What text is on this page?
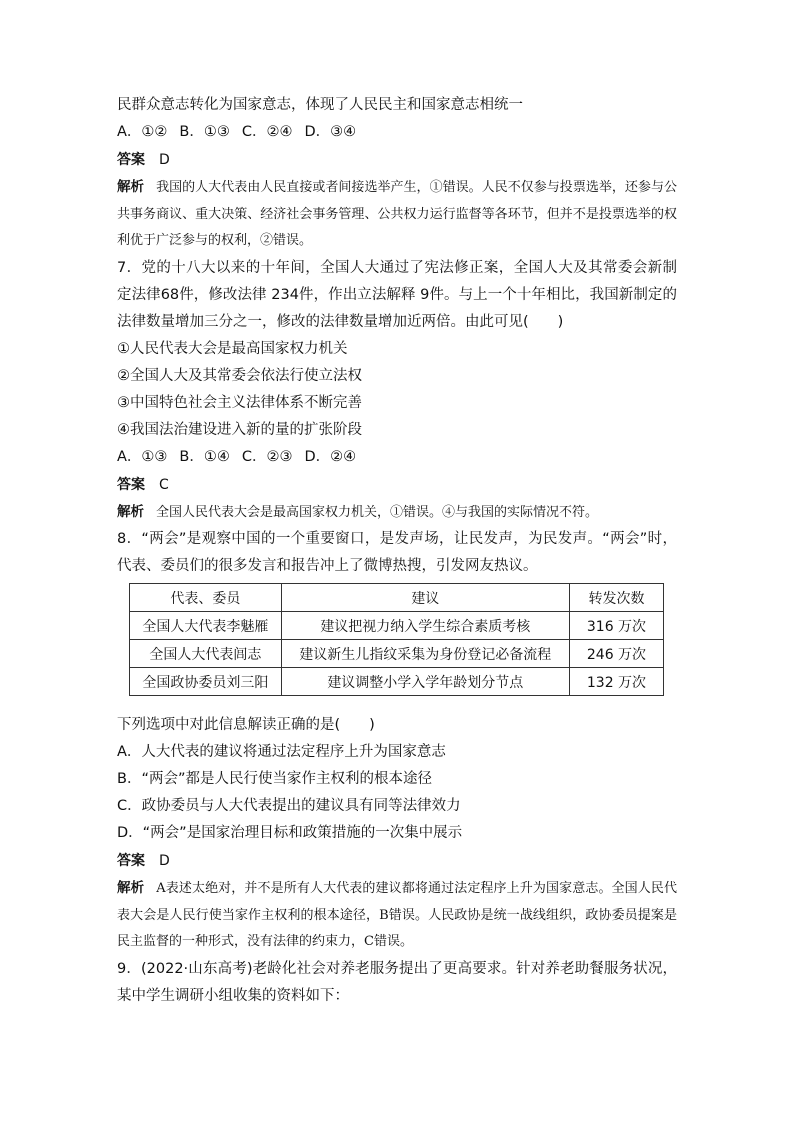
民群众意志转化为国家意志，体现了人民民主和国家意志相统一
A．①② B．①③ C．②④ D．③④
答案 D
解析 我国的人大代表由人民直接或者间接选举产生，①错误。人民不仅参与投票选举，还参与公共事务商议、重大决策、经济社会事务管理、公共权力运行监督等各环节，但并不是投票选举的权利优于广泛参与的权利，②错误。
7．党的十八大以来的十年间，全国人大通过了宪法修正案，全国人大及其常委会新制定法律68件，修改法律 234件，作出立法解释 9件。与上一个十年相比，我国新制定的法律数量增加三分之一，修改的法律数量增加近两倍。由此可见(　　)
①人民代表大会是最高国家权力机关
②全国人大及其常委会依法行使立法权
③中国特色社会主义法律体系不断完善
④我国法治建设进入新的量的扩张阶段
A．①③ B．①④ C．②③ D．②④
答案 C
解析 全国人民代表大会是最高国家权力机关，①错误。④与我国的实际情况不符。
8．“两会”是观察中国的一个重要窗口，是发声场，让民发声，为民发声。“两会”时，代表、委员们的很多发言和报告冲上了微博热搜，引发网友热议。
代表、委员	建议	转发次数
全国人大代表李魅雁	建议把视力纳入学生综合素质考核	316 万次
全国人大代表闾志	建议新生儿指纹采集为身份登记必备流程	246 万次
全国政协委员刘三阳	建议调整小学入学年龄划分节点	132 万次
下列选项中对此信息解读正确的是(　　)
A．人大代表的建议将通过法定程序上升为国家意志
B．“两会”都是人民行使当家作主权利的根本途径
C．政协委员与人大代表提出的建议具有同等法律效力
D．“两会”是国家治理目标和政策措施的一次集中展示
答案 D
解析 A表述太绝对，并不是所有人大代表的建议都将通过法定程序上升为国家意志。全国人民代表大会是人民行使当家作主权利的根本途径，B错误。人民政协是统一战线组织，政协委员提案是民主监督的一种形式，没有法律的约束力，C错误。
9．(2022·山东高考)老龄化社会对养老服务提出了更高要求。针对养老助餐服务状况，某中学生调研小组收集的资料如下：
